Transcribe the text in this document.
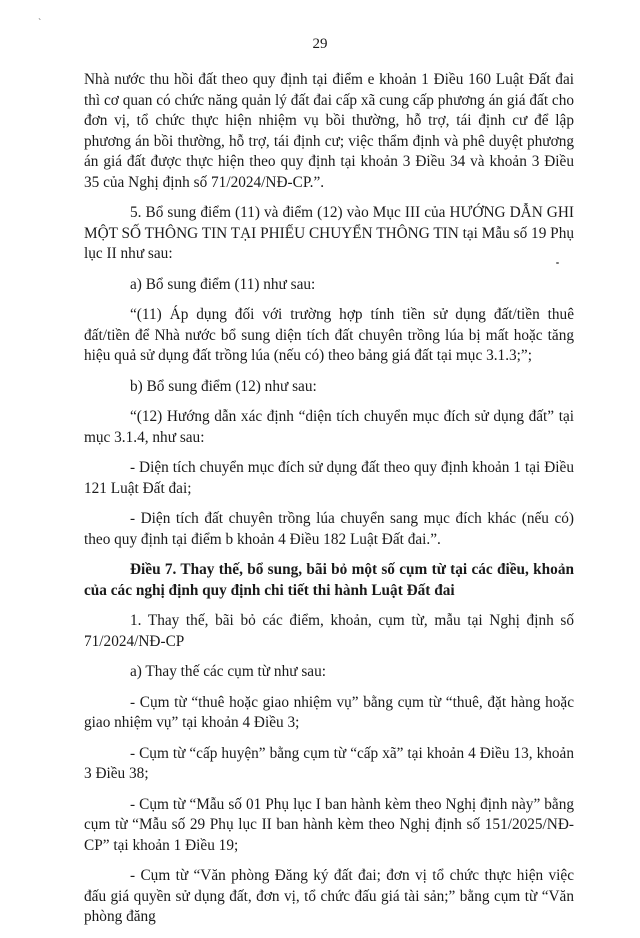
`
29

Nhà nước thu hồi đất theo quy định tại điểm e khoản 1 Điều 160 Luật Đất đai thì cơ quan có chức năng quản lý đất đai cấp xã cung cấp phương án giá đất cho đơn vị, tổ chức thực hiện nhiệm vụ bồi thường, hỗ trợ, tái định cư để lập phương án bồi thường, hỗ trợ, tái định cư; việc thẩm định và phê duyệt phương án giá đất được thực hiện theo quy định tại khoản 3 Điều 34 và khoản 3 Điều 35 của Nghị định số 71/2024/NĐ-CP.”.

5. Bổ sung điểm (11) và điểm (12) vào Mục III của HƯỚNG DẪN GHI MỘT SỐ THÔNG TIN TẠI PHIẾU CHUYỂN THÔNG TIN tại Mẫu số 19 Phụ lục II như sau:

a) Bổ sung điểm (11) như sau:

“(11) Áp dụng đối với trường hợp tính tiền sử dụng đất/tiền thuê đất/tiền để Nhà nước bổ sung diện tích đất chuyên trồng lúa bị mất hoặc tăng hiệu quả sử dụng đất trồng lúa (nếu có) theo bảng giá đất tại mục 3.1.3;”;

b) Bổ sung điểm (12) như sau:

“(12) Hướng dẫn xác định “diện tích chuyển mục đích sử dụng đất” tại mục 3.1.4, như sau:

- Diện tích chuyển mục đích sử dụng đất theo quy định khoản 1 tại Điều 121 Luật Đất đai;

- Diện tích đất chuyên trồng lúa chuyển sang mục đích khác (nếu có) theo quy định tại điểm b khoản 4 Điều 182 Luật Đất đai.”.

Điều 7. Thay thế, bổ sung, bãi bỏ một số cụm từ tại các điều, khoản của các nghị định quy định chi tiết thi hành Luật Đất đai

1. Thay thế, bãi bỏ các điểm, khoản, cụm từ, mẫu tại Nghị định số 71/2024/NĐ-CP

a) Thay thế các cụm từ như sau:

- Cụm từ “thuê hoặc giao nhiệm vụ” bằng cụm từ “thuê, đặt hàng hoặc giao nhiệm vụ” tại khoản 4 Điều 3;

- Cụm từ “cấp huyện” bằng cụm từ “cấp xã” tại khoản 4 Điều 13, khoản 3 Điều 38;

- Cụm từ “Mẫu số 01 Phụ lục I ban hành kèm theo Nghị định này” bằng cụm từ “Mẫu số 29 Phụ lục II ban hành kèm theo Nghị định số 151/2025/NĐ-CP” tại khoản 1 Điều 19;

- Cụm từ “Văn phòng Đăng ký đất đai; đơn vị tổ chức thực hiện việc đấu giá quyền sử dụng đất, đơn vị, tổ chức đấu giá tài sản;” bằng cụm từ “Văn phòng đăng
